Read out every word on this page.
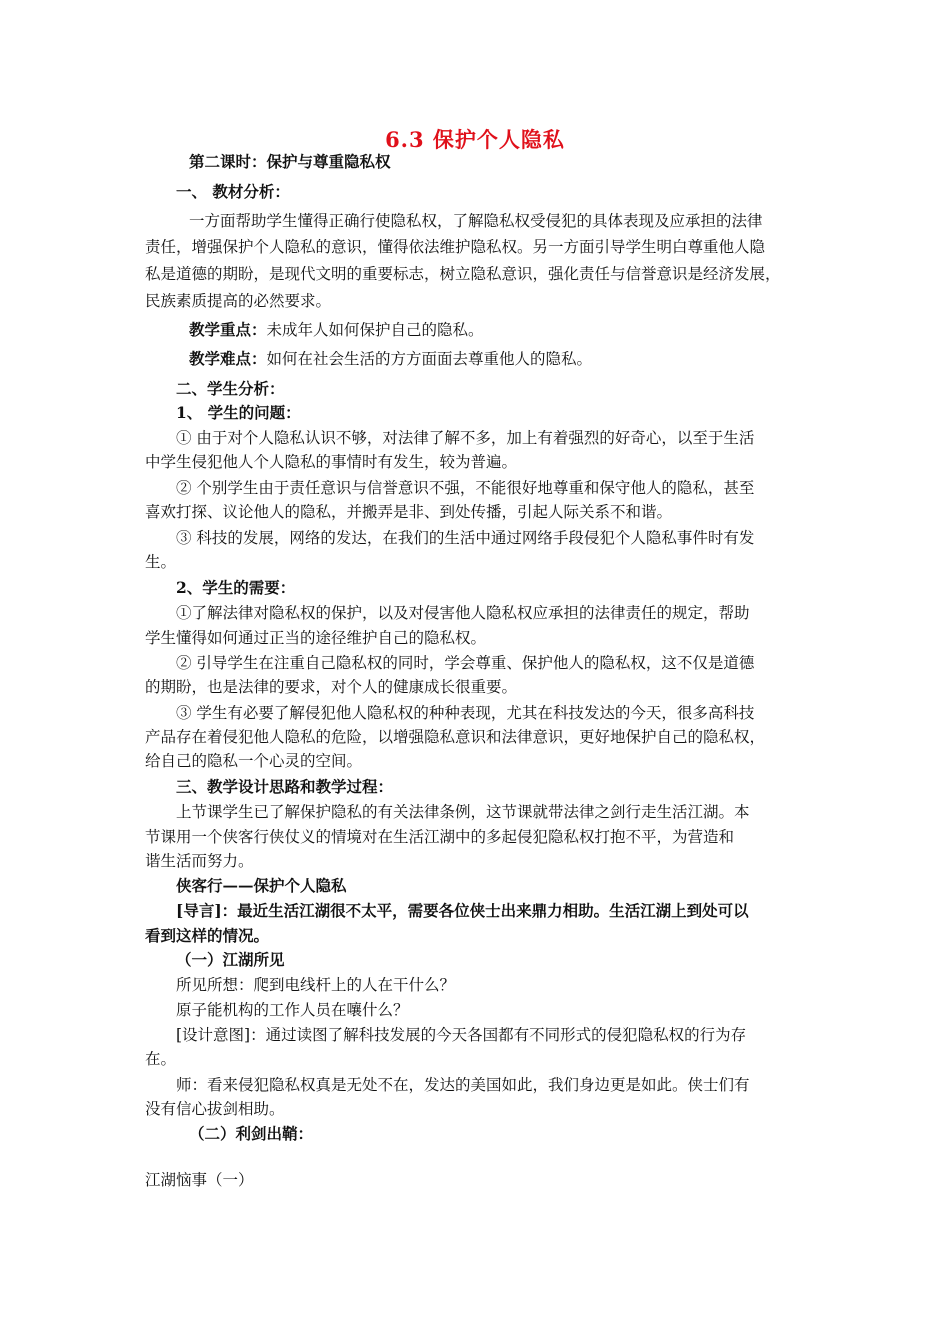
6.3 保护个人隐私
第二课时：保护与尊重隐私权
一、 教材分析：
一方面帮助学生懂得正确行使隐私权，了解隐私权受侵犯的具体表现及应承担的法律
责任，增强保护个人隐私的意识，懂得依法维护隐私权。另一方面引导学生明白尊重他人隐
私是道德的期盼，是现代文明的重要标志，树立隐私意识，强化责任与信誉意识是经济发展，
民族素质提高的必然要求。
教学重点：未成年人如何保护自己的隐私。
教学难点：如何在社会生活的方方面面去尊重他人的隐私。
二、学生分析：
1、 学生的问题：
① 由于对个人隐私认识不够，对法律了解不多，加上有着强烈的好奇心，以至于生活
中学生侵犯他人个人隐私的事情时有发生，较为普遍。
② 个别学生由于责任意识与信誉意识不强，不能很好地尊重和保守他人的隐私，甚至
喜欢打探、议论他人的隐私，并搬弄是非、到处传播，引起人际关系不和谐。
③ 科技的发展，网络的发达，在我们的生活中通过网络手段侵犯个人隐私事件时有发
生。
2、学生的需要：
①了解法律对隐私权的保护，以及对侵害他人隐私权应承担的法律责任的规定，帮助
学生懂得如何通过正当的途径维护自己的隐私权。
② 引导学生在注重自己隐私权的同时，学会尊重、保护他人的隐私权，这不仅是道德
的期盼，也是法律的要求，对个人的健康成长很重要。
③ 学生有必要了解侵犯他人隐私权的种种表现，尤其在科技发达的今天，很多高科技
产品存在着侵犯他人隐私的危险，以增强隐私意识和法律意识，更好地保护自己的隐私权，
给自己的隐私一个心灵的空间。
三、教学设计思路和教学过程：
上节课学生已了解保护隐私的有关法律条例，这节课就带法律之剑行走生活江湖。本
节课用一个侠客行侠仗义的情境对在生活江湖中的多起侵犯隐私权打抱不平，为营造和
谐生活而努力。
侠客行——保护个人隐私
[导言]：最近生活江湖很不太平，需要各位侠士出来鼎力相助。生活江湖上到处可以
看到这样的情况。
（一）江湖所见
所见所想：爬到电线杆上的人在干什么？
原子能机构的工作人员在嚷什么？
[设计意图]：通过读图了解科技发展的今天各国都有不同形式的侵犯隐私权的行为存
在。
师：看来侵犯隐私权真是无处不在，发达的美国如此，我们身边更是如此。侠士们有
没有信心拔剑相助。
（二）利剑出鞘：
江湖恼事（一）
